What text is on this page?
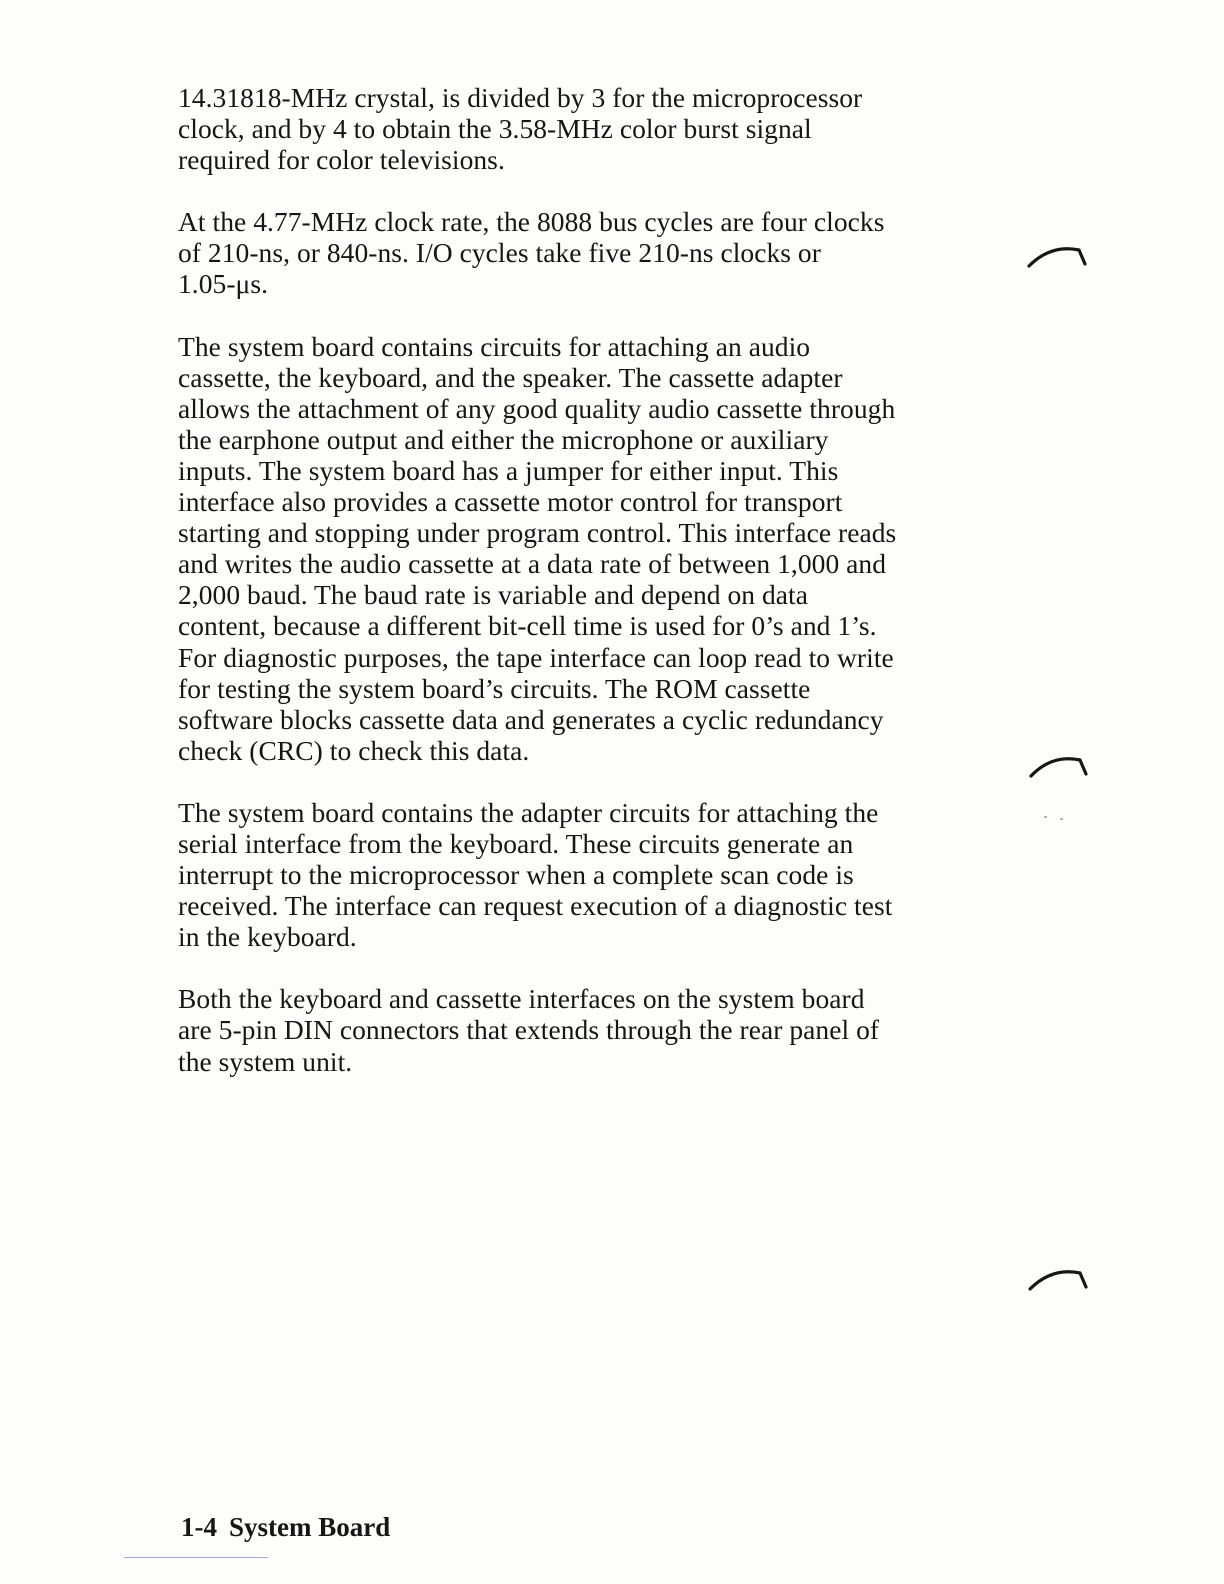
14.31818-MHz crystal, is divided by 3 for the microprocessor
clock, and by 4 to obtain the 3.58-MHz color burst signal
required for color televisions.

At the 4.77-MHz clock rate, the 8088 bus cycles are four clocks
of 210-ns, or 840-ns. I/O cycles take five 210-ns clocks or
1.05-μs.

The system board contains circuits for attaching an audio
cassette, the keyboard, and the speaker. The cassette adapter
allows the attachment of any good quality audio cassette through
the earphone output and either the microphone or auxiliary
inputs. The system board has a jumper for either input. This
interface also provides a cassette motor control for transport
starting and stopping under program control. This interface reads
and writes the audio cassette at a data rate of between 1,000 and
2,000 baud. The baud rate is variable and depend on data
content, because a different bit-cell time is used for 0’s and 1’s.
For diagnostic purposes, the tape interface can loop read to write
for testing the system board’s circuits. The ROM cassette
software blocks cassette data and generates a cyclic redundancy
check (CRC) to check this data.

The system board contains the adapter circuits for attaching the
serial interface from the keyboard. These circuits generate an
interrupt to the microprocessor when a complete scan code is
received. The interface can request execution of a diagnostic test
in the keyboard.

Both the keyboard and cassette interfaces on the system board
are 5-pin DIN connectors that extends through the rear panel of
the system unit.

1-4 System Board
